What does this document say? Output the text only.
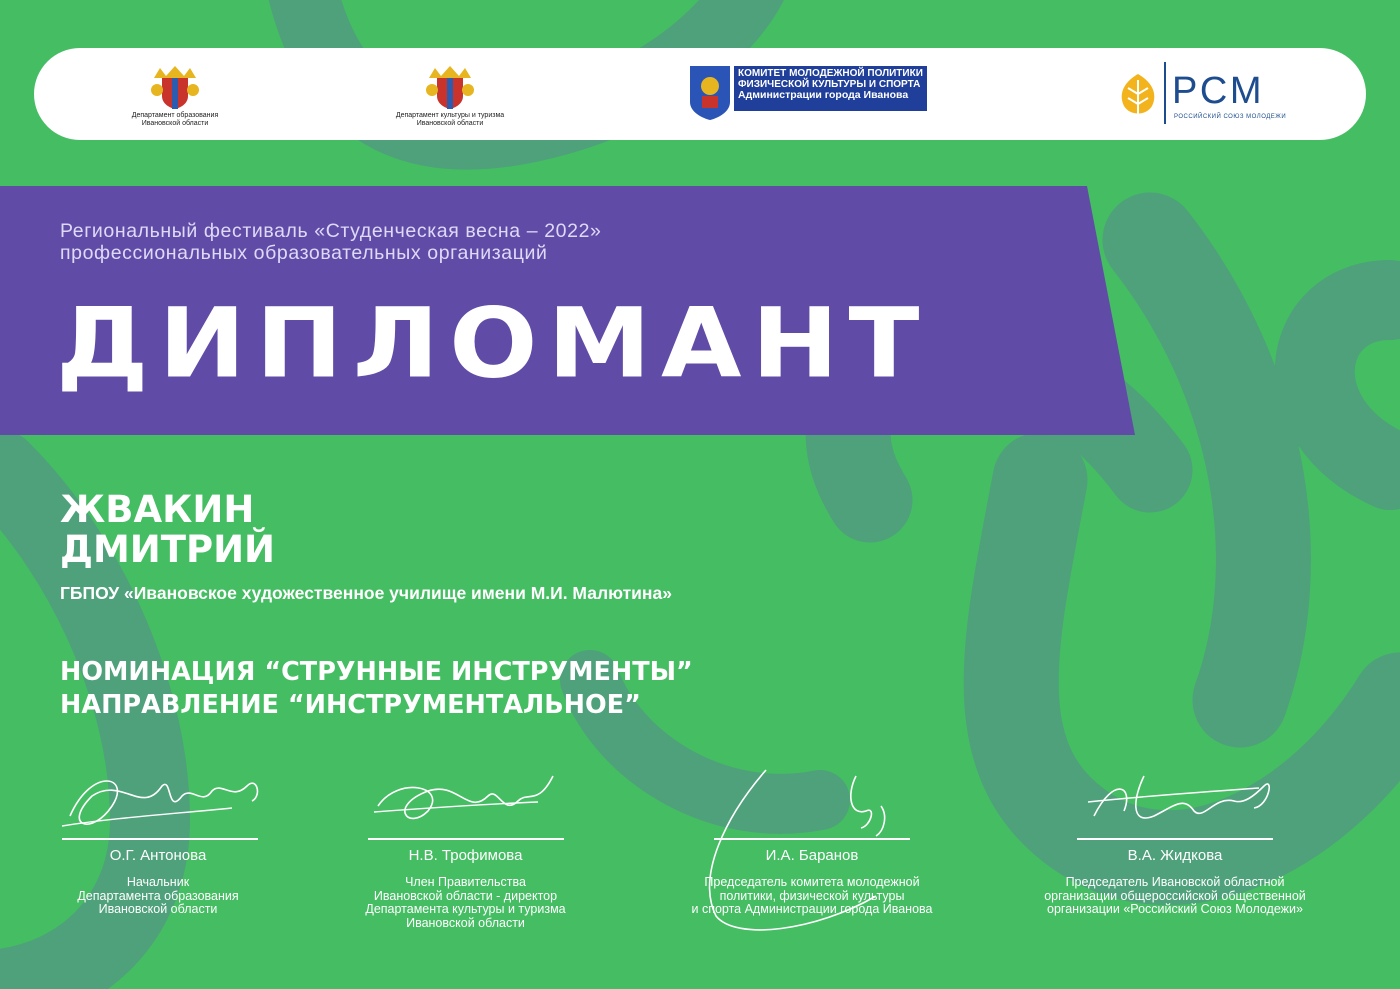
Департамент образования
Ивановской области
Департамент культуры и туризма
Ивановской области
КОМИТЕТ МОЛОДЕЖНОЙ ПОЛИТИКИ
ФИЗИЧЕСКОЙ КУЛЬТУРЫ И СПОРТА
Администрации города Иванова	РСМ
РОССИЙСКИЙ СОЮЗ МОЛОДЕЖИ
Региональный фестиваль «Студенческая весна – 2022»
профессиональных образовательных организаций
ДИПЛОМАНТ
ЖВАКИН
ДМИТРИЙ
ГБПОУ «Ивановское художественное училище имени М.И. Малютина»
НОМИНАЦИЯ “СТРУННЫЕ ИНСТРУМЕНТЫ”
НАПРАВЛЕНИЕ “ИНСТРУМЕНТАЛЬНОЕ”
О.Г. Антонова
Начальник
Департамента образования
Ивановской области
Н.В. Трофимова
Член Правительства
Ивановской области - директор
Департамента культуры и туризма
Ивановской области
И.А. Баранов
Председатель комитета молодежной
политики, физической культуры
и спорта Администрации города Иванова
В.А. Жидкова
Председатель Ивановской областной
организации общероссийской общественной
организации «Российский Союз Молодежи»
